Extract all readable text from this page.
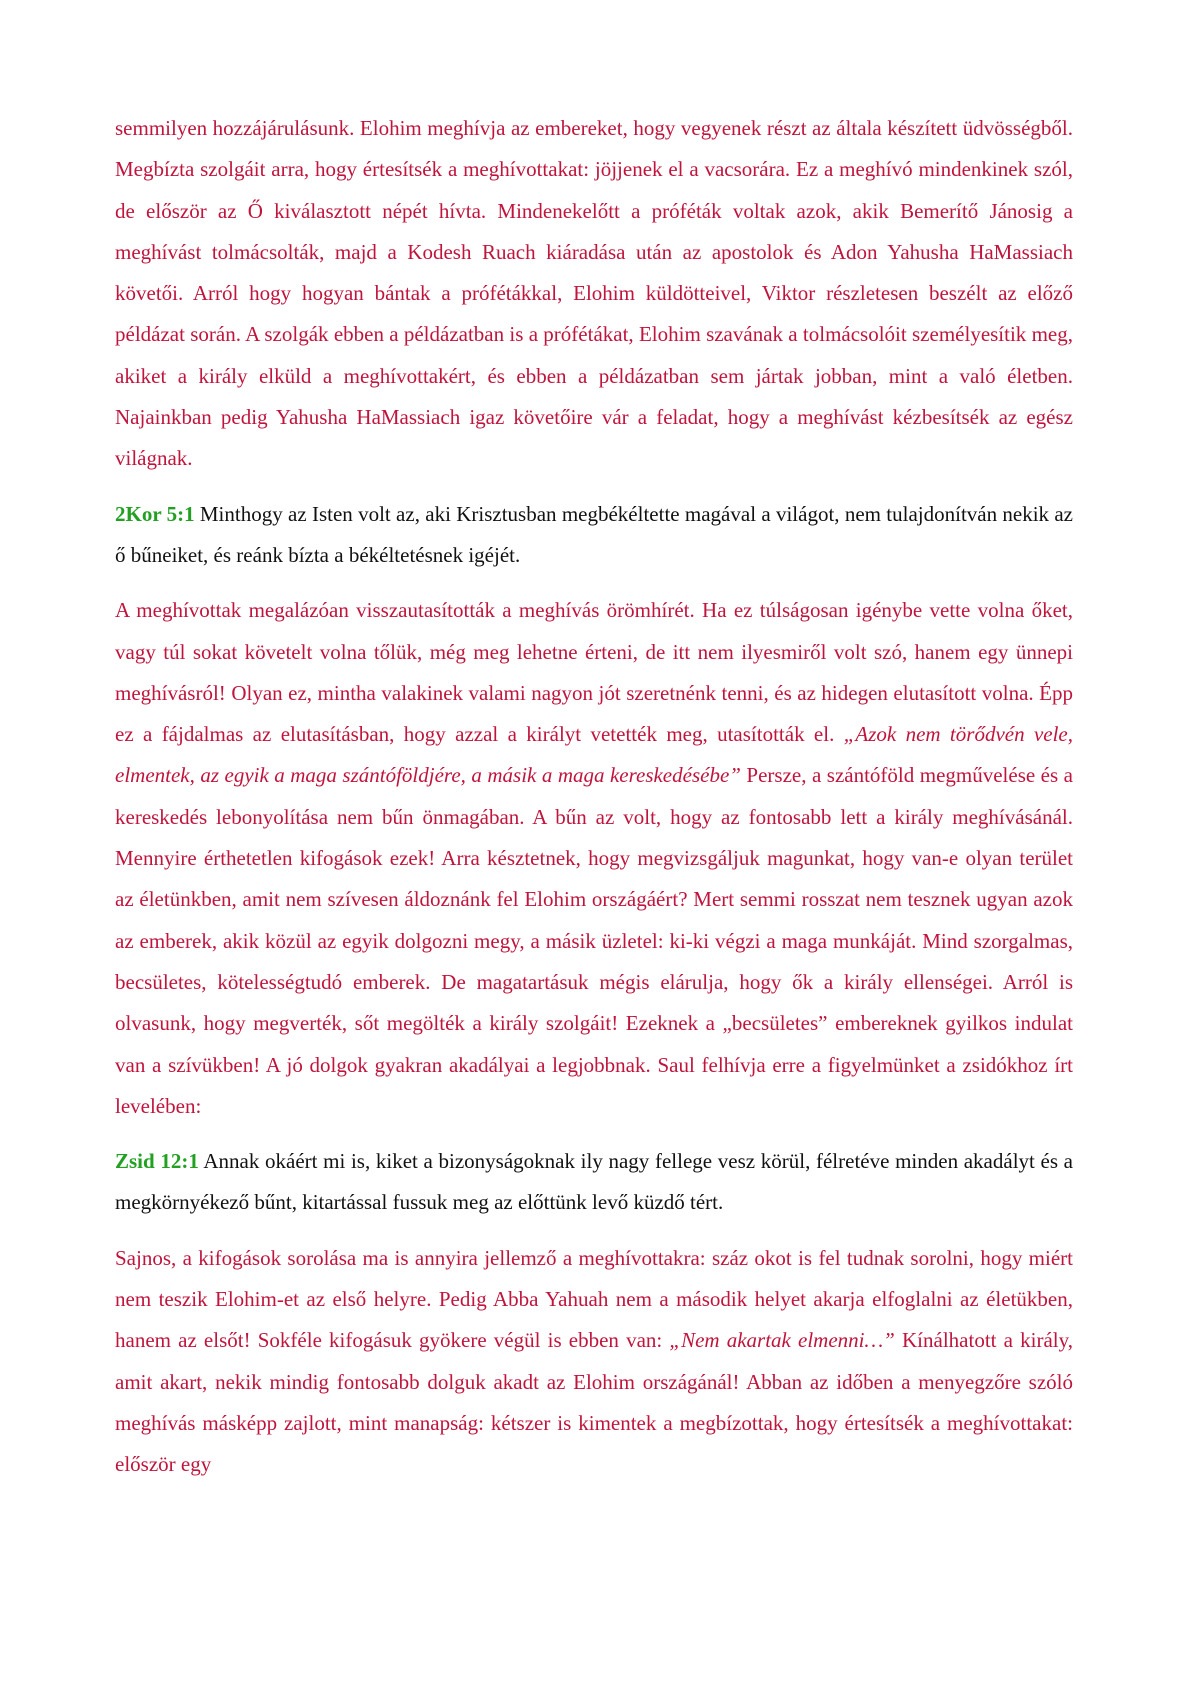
semmilyen hozzájárulásunk. Elohim meghívja az embereket, hogy vegyenek részt az általa készített üdvösségből. Megbízta szolgáit arra, hogy értesítsék a meghívottakat: jöjjenek el a vacsorára. Ez a meghívó mindenkinek szól, de először az Ő kiválasztott népét hívta. Mindenekelőtt a próféták voltak azok, akik Bemerítő Jánosig a meghívást tolmácsolták, majd a Kodesh Ruach kiáradása után az apostolok és Adon Yahusha HaMassiach követői. Arról hogy hogyan bántak a prófétákkal, Elohim küldötteivel, Viktor részletesen beszélt az előző példázat során. A szolgák ebben a példázatban is a prófétákat, Elohim szavának a tolmácsolóit személyesítik meg, akiket a király elküld a meghívottakért, és ebben a példázatban sem jártak jobban, mint a való életben. Najainkban pedig Yahusha HaMassiach igaz követőire vár a feladat, hogy a meghívást kézbesítsék az egész világnak.

2Kor 5:1 Minthogy az Isten volt az, aki Krisztusban megbékéltette magával a világot, nem tulajdonítván nekik az ő bűneiket, és reánk bízta a békéltetésnek igéjét.

A meghívottak megalázóan visszautasították a meghívás örömhírét. Ha ez túlságosan igénybe vette volna őket, vagy túl sokat követelt volna tőlük, még meg lehetne érteni, de itt nem ilyesmiről volt szó, hanem egy ünnepi meghívásról! Olyan ez, mintha valakinek valami nagyon jót szeretnénk tenni, és az hidegen elutasított volna. Épp ez a fájdalmas az elutasításban, hogy azzal a királyt vetették meg, utasították el. „Azok nem törődvén vele, elmentek, az egyik a maga szántóföldjére, a másik a maga kereskedésébe” Persze, a szántóföld megművelése és a kereskedés lebonyolítása nem bűn önmagában. A bűn az volt, hogy az fontosabb lett a király meghívásánál. Mennyire érthetetlen kifogások ezek! Arra késztetnek, hogy megvizsgáljuk magunkat, hogy van-e olyan terület az életünkben, amit nem szívesen áldoznánk fel Elohim országáért? Mert semmi rosszat nem tesznek ugyan azok az emberek, akik közül az egyik dolgozni megy, a másik üzletel: ki-ki végzi a maga munkáját. Mind szorgalmas, becsületes, kötelességtudó emberek. De magatartásuk mégis elárulja, hogy ők a király ellenségei. Arról is olvasunk, hogy megverték, sőt megölték a király szolgáit! Ezeknek a „becsületes” embereknek gyilkos indulat van a szívükben! A jó dolgok gyakran akadályai a legjobbnak. Saul felhívja erre a figyelmünket a zsidókhoz írt levelében:

Zsid 12:1 Annak okáért mi is, kiket a bizonyságoknak ily nagy fellege vesz körül, félretéve minden akadályt és a megkörnyékező bűnt, kitartással fussuk meg az előttünk levő küzdő tért.

Sajnos, a kifogások sorolása ma is annyira jellemző a meghívottakra: száz okot is fel tudnak sorolni, hogy miért nem teszik Elohim-et az első helyre. Pedig Abba Yahuah nem a második helyet akarja elfoglalni az életükben, hanem az elsőt! Sokféle kifogásuk gyökere végül is ebben van: „Nem akartak elmenni…” Kínálhatott a király, amit akart, nekik mindig fontosabb dolguk akadt az Elohim országánál! Abban az időben a menyegzőre szóló meghívás másképp zajlott, mint manapság: kétszer is kimentek a megbízottak, hogy értesítsék a meghívottakat: először egy
